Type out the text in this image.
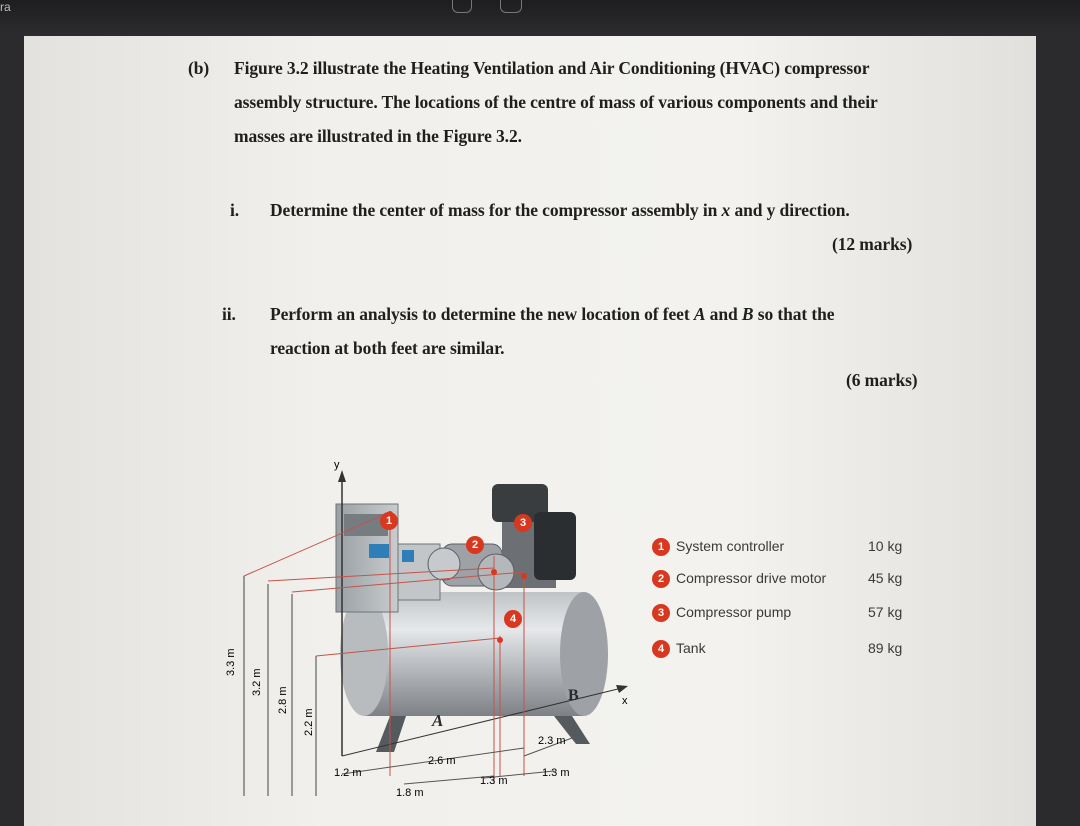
ra
(b) Figure 3.2 illustrate the Heating Ventilation and Air Conditioning (HVAC) compressor
assembly structure. The locations of the centre of mass of various components and their
masses are illustrated in the Figure 3.2.
i. Determine the center of mass for the compressor assembly in x and y direction.
(12 marks)
ii. Perform an analysis to determine the new location of feet A and B so that the
reaction at both feet are similar.
(6 marks)
y
x
3.3 m
3.2 m
2.8 m
2.2 m
1.2 m
2.6 m
1.8 m
1.3 m
2.3 m
1.3 m
A
B
1
2
3
4
1 System controller	10 kg
2 Compressor drive motor	45 kg
3 Compressor pump	57 kg
4 Tank	89 kg
